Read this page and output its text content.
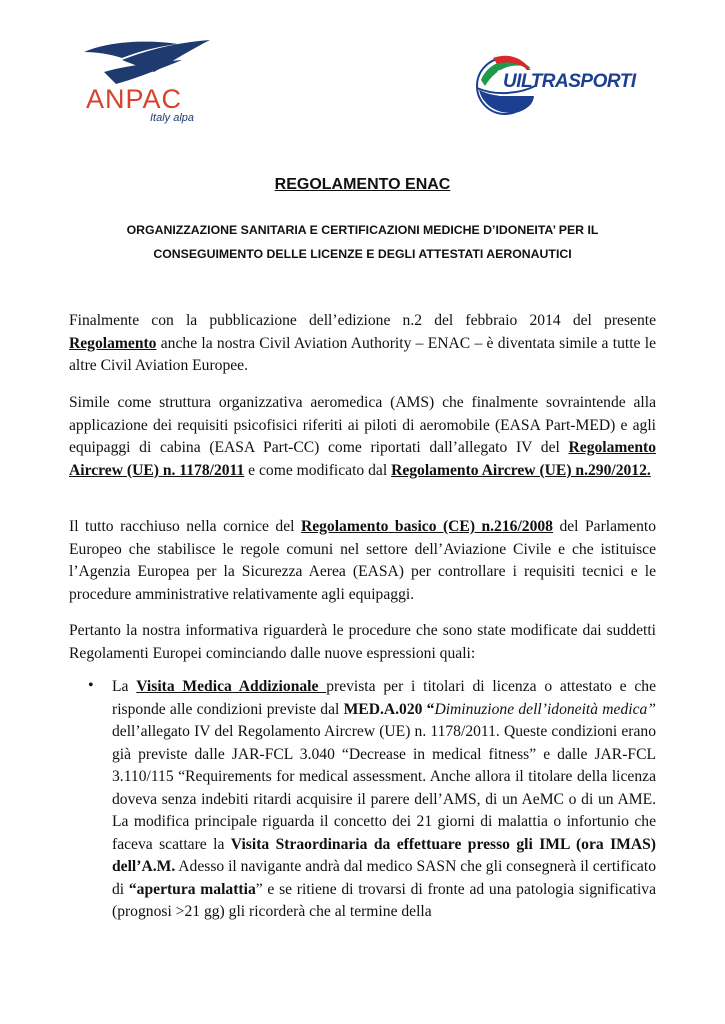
ANPAC
Italy alpa
UILTRASPORTI
REGOLAMENTO ENAC
ORGANIZZAZIONE SANITARIA E CERTIFICAZIONI MEDICHE D’IDONEITA’ PER IL
CONSEGUIMENTO DELLE LICENZE E DEGLI ATTESTATI AERONAUTICI

Finalmente con la pubblicazione dell’edizione n.2 del febbraio 2014 del presente Regolamento anche la nostra Civil Aviation Authority – ENAC – è diventata simile a tutte le altre Civil Aviation Europee.

Simile come struttura organizzativa aeromedica (AMS) che finalmente sovraintende alla applicazione dei requisiti psicofisici riferiti ai piloti di aeromobile (EASA Part-MED) e agli equipaggi di cabina (EASA Part-CC) come riportati dall’allegato IV del Regolamento Aircrew (UE) n. 1178/2011 e come modificato dal Regolamento Aircrew (UE) n.290/2012.

Il tutto racchiuso nella cornice del Regolamento basico (CE) n.216/2008 del Parlamento Europeo che stabilisce le regole comuni nel settore dell’Aviazione Civile e che istituisce l’Agenzia Europea per la Sicurezza Aerea (EASA) per controllare i requisiti tecnici e le procedure amministrative relativamente agli equipaggi.

Pertanto la nostra informativa riguarderà le procedure che sono state modificate dai suddetti Regolamenti Europei cominciando dalle nuove espressioni quali:

• La Visita Medica Addizionale prevista per i titolari di licenza o attestato e che risponde alle condizioni previste dal MED.A.020 “Diminuzione dell’idoneità medica” dell’allegato IV del Regolamento Aircrew (UE) n. 1178/2011. Queste condizioni erano già previste dalle JAR-FCL 3.040 “Decrease in medical fitness” e dalle JAR-FCL 3.110/115 “Requirements for medical assessment. Anche allora il titolare della licenza doveva senza indebiti ritardi acquisire il parere dell’AMS, di un AeMC o di un AME. La modifica principale riguarda il concetto dei 21 giorni di malattia o infortunio che faceva scattare la Visita Straordinaria da effettuare presso gli IML (ora IMAS) dell’A.M. Adesso il navigante andrà dal medico SASN che gli consegnerà il certificato di “apertura malattia” e se ritiene di trovarsi di fronte ad una patologia significativa (prognosi >21 gg) gli ricorderà che al termine della
